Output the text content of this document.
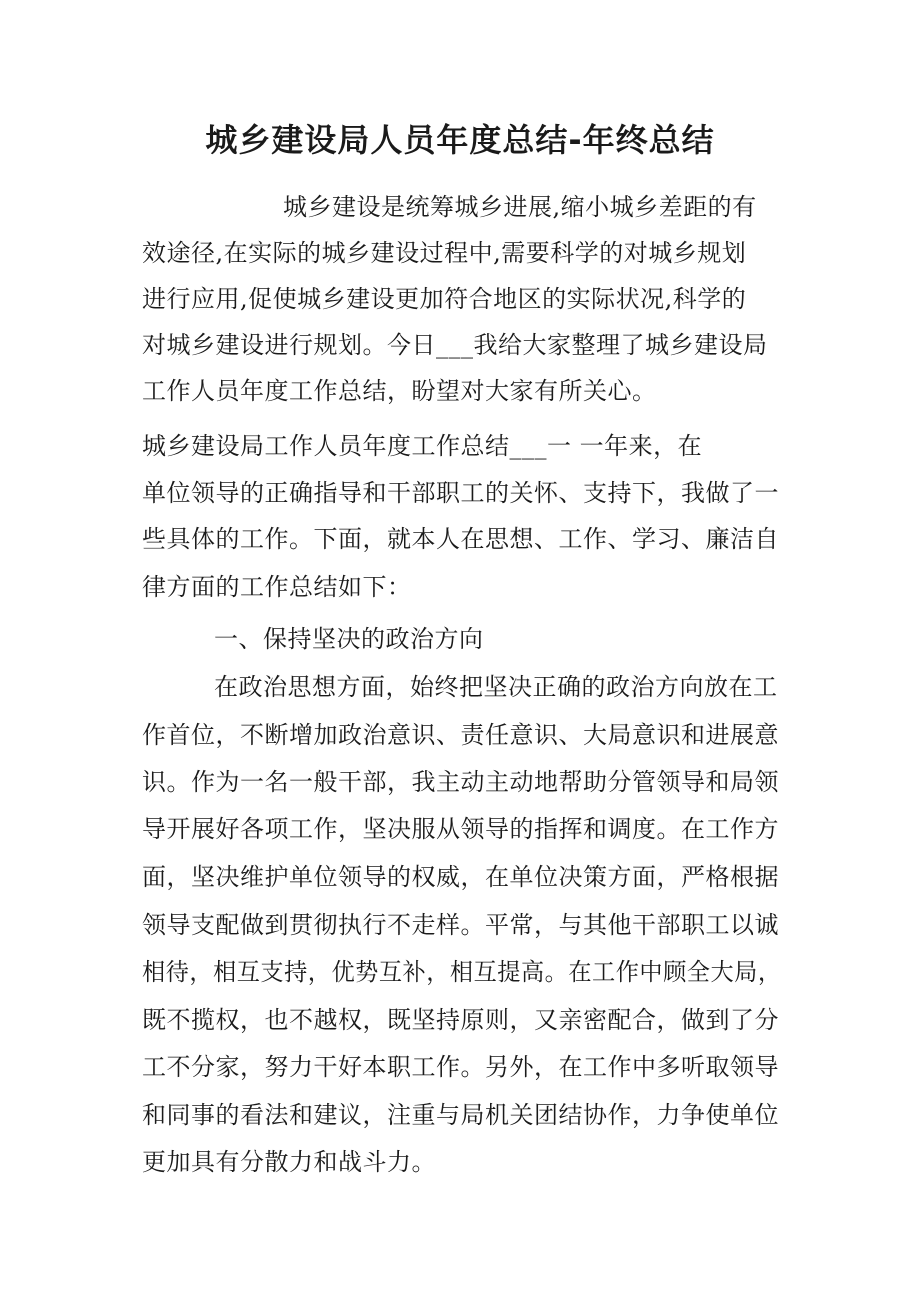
城乡建设局人员年度总结-年终总结

城乡建设是统筹城乡进展,缩小城乡差距的有

效途径,在实际的城乡建设过程中,需要科学的对城乡规划

进行应用,促使城乡建设更加符合地区的实际状况,科学的

对城乡建设进行规划。今日___我给大家整理了城乡建设局

工作人员年度工作总结，盼望对大家有所关心。

城乡建设局工作人员年度工作总结___一 一年来，在

单位领导的正确指导和干部职工的关怀、支持下，我做了一

些具体的工作。下面，就本人在思想、工作、学习、廉洁自

律方面的工作总结如下：

一、保持坚决的政治方向

在政治思想方面，始终把坚决正确的政治方向放在工

作首位，不断增加政治意识、责任意识、大局意识和进展意

识。作为一名一般干部，我主动主动地帮助分管领导和局领

导开展好各项工作，坚决服从领导的指挥和调度。在工作方

面，坚决维护单位领导的权威，在单位决策方面，严格根据

领导支配做到贯彻执行不走样。平常，与其他干部职工以诚

相待，相互支持，优势互补，相互提高。在工作中顾全大局，

既不揽权，也不越权，既坚持原则，又亲密配合，做到了分

工不分家，努力干好本职工作。另外，在工作中多听取领导

和同事的看法和建议，注重与局机关团结协作，力争使单位

更加具有分散力和战斗力。
